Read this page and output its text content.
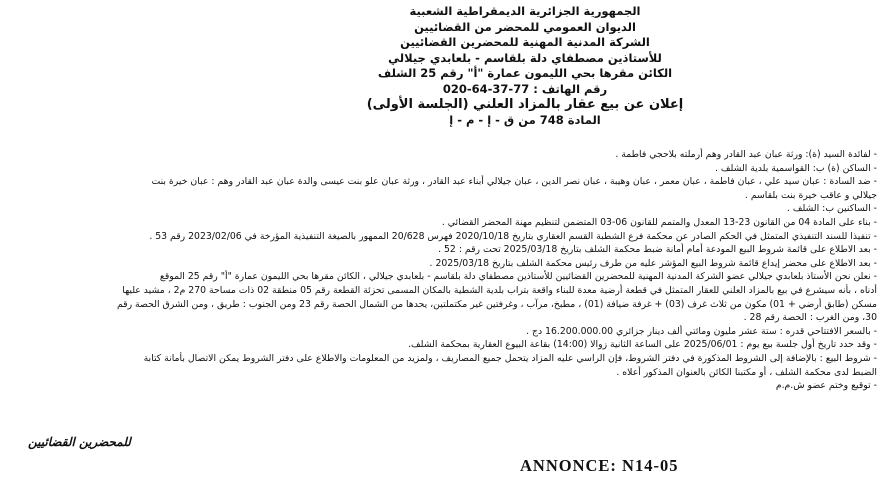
الجمهورية الجزائرية الديمقراطية الشعبية
الديوان العمومي للمحضر من القضائيين
الشركة المدنية المهنية للمحضرين القضائيين
للأستاذين مصطفاي دلة بلقاسم - بلعابدي جيلالي
الكائن مقرها بحي الليمون عمارة "أ" رقم 25 الشلف
رقم الهاتف : 77-37-64-020
إعلان عن بيع عقار بالمزاد العلني (الجلسة الأولى)
المادة 748 من ق - إ - م - إ
- لفائدة السيد (ة): ورثة عبان عبد القادر وهم أرملته بلاحجي فاطمة .
- الساكن (ة) ب: القواسمية بلدية الشلف .
- ضد السادة : عبان سيد علي ، عبان فاطمة ، عبان معمر ، عبان وهيبة ، عبان نصر الدين ، عبان جيلالي أبناء عبد القادر ، ورثة عبان علو بنت عيسى والدة عبان عبد القادر وهم : عبان خيرة بنت
جيلالي و عاقب خيرة بنت بلقاسم .
- الساكنين ب: الشلف .
- بناء على المادة 04 من القانون 23-13 المعدل والمتمم للقانون 06-03 المتضمن لتنظيم مهنة المحضر القضائي .
- تنفيذا للسند التنفيذي المتمثل في الحكم الصادر عن محكمة فرع الشطبة القسم العقاري بتاريخ 2020/10/18 فهرس 20/628 الممهور بالصيغة التنفيذية المؤرخة في 2023/02/06 رقم 53 .
- بعد الاطلاع على قائمة شروط البيع المودعة أمام أمانة ضبط محكمة الشلف بتاريخ 2025/03/18 تحت رقم : 52 .
- بعد الاطلاع على محضر إيداع قائمة شروط البيع المؤشر عليه من طرف رئيس محكمة الشلف بتاريخ 2025/03/18 .
- نعلن نحن الأستاذ بلعابدي جيلالي عضو الشركة المدنية المهنية للمحضرين القضائيين للأستاذين مصطفاي دلة بلقاسم - بلعابدي جيلالي ، الكائن مقرها بحي الليمون عمارة "أ" رقم 25 الموقع
أدناه ، بأنه سيشرع في بيع بالمزاد العلني للعقار المتمثل في قطعة أرضية معدة للبناء واقعة بتراب بلدية الشطية بالمكان المسمى تحزئة القطعة رقم 05 منطقة 02 ذات مساحة 270 م2 ، مشيد عليها
مسكن (طابق أرضي + 01) مكون من ثلاث غرف (03) + غرفة ضيافة (01) ، مطبخ، مرآب ، وغرفتين غير مكتملتين، يحدها من الشمال الحصة رقم 23 ومن الجنوب : طريق ، ومن الشرق الحصة رقم
30، ومن الغرب : الحصة رقم 28 .
- بالسعر الافتتاحي قدره : ستة عشر مليون ومائتي ألف دينار جزائري 16.200.000.00 دج .
- وقد حدد تاريخ أول جلسة بيع يوم : 2025/06/01 على الساعة الثانية زوالا (14:00) بقاعة البيوع العقارية بمحكمة الشلف.
- شروط البيع : بالإضافة إلى الشروط المذكورة في دفتر الشروط، فإن الراسي عليه المزاد يتحمل جميع المصاريف ، ولمزيد من المعلومات والاطلاع على دفتر الشروط يمكن الاتصال بأمانة كتابة
الضبط لدى محكمة الشلف ، أو مكتبنا الكائن بالعنوان المذكور أعلاه .
- توقيع وختم عضو ش.م.م
للمحضرين القضائيين
ANNONCE: N14-05
